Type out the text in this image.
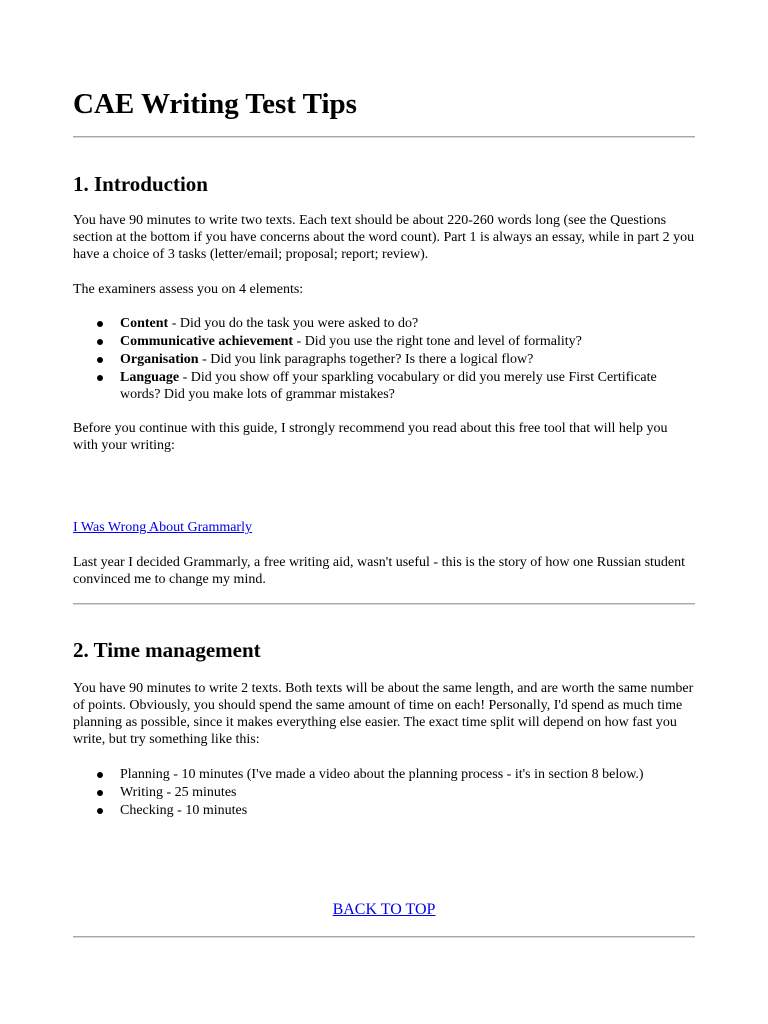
CAE Writing Test Tips
1. Introduction

You have 90 minutes to write two texts. Each text should be about 220-260 words long (see the Questions section at the bottom if you have concerns about the word count). Part 1 is always an essay, while in part 2 you have a choice of 3 tasks (letter/email; proposal; report; review).

The examiners assess you on 4 elements:

Content - Did you do the task you were asked to do?
Communicative achievement - Did you use the right tone and level of formality?
Organisation - Did you link paragraphs together? Is there a logical flow?
Language - Did you show off your sparkling vocabulary or did you merely use First Certificate words? Did you make lots of grammar mistakes?

Before you continue with this guide, I strongly recommend you read about this free tool that will help you with your writing:

I Was Wrong About Grammarly

Last year I decided Grammarly, a free writing aid, wasn't useful - this is the story of how one Russian student convinced me to change my mind.

2. Time management

You have 90 minutes to write 2 texts. Both texts will be about the same length, and are worth the same number of points. Obviously, you should spend the same amount of time on each! Personally, I'd spend as much time planning as possible, since it makes everything else easier. The exact time split will depend on how fast you write, but try something like this:

Planning - 10 minutes (I've made a video about the planning process - it's in section 8 below.)
Writing - 25 minutes
Checking - 10 minutes
BACK TO TOP
